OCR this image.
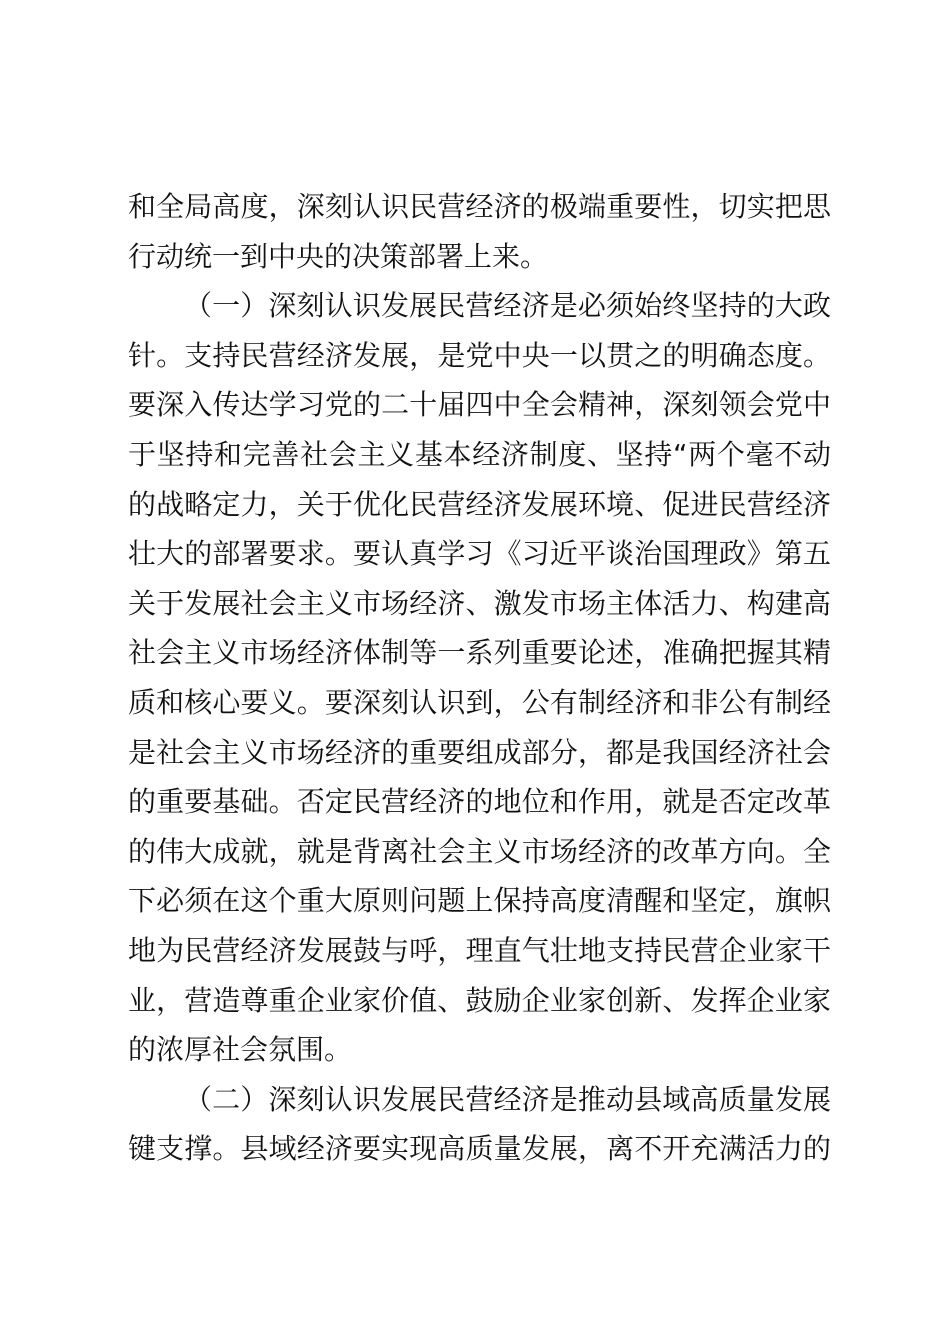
和全局高度，深刻认识民营经济的极端重要性，切实把思
行动统一到中央的决策部署上来。
（一）深刻认识发展民营经济是必须始终坚持的大政
针。支持民营经济发展，是党中央一以贯之的明确态度。
要深入传达学习党的二十届四中全会精神，深刻领会党中
于坚持和完善社会主义基本经济制度、坚持“两个毫不动
的战略定力，关于优化民营经济发展环境、促进民营经济
壮大的部署要求。要认真学习《习近平谈治国理政》第五
关于发展社会主义市场经济、激发市场主体活力、构建高
社会主义市场经济体制等一系列重要论述，准确把握其精
质和核心要义。要深刻认识到，公有制经济和非公有制经
是社会主义市场经济的重要组成部分，都是我国经济社会
的重要基础。否定民营经济的地位和作用，就是否定改革
的伟大成就，就是背离社会主义市场经济的改革方向。全
下必须在这个重大原则问题上保持高度清醒和坚定，旗帜
地为民营经济发展鼓与呼，理直气壮地支持民营企业家干
业，营造尊重企业家价值、鼓励企业家创新、发挥企业家
的浓厚社会氛围。
（二）深刻认识发展民营经济是推动县域高质量发展
键支撑。县域经济要实现高质量发展，离不开充满活力的
